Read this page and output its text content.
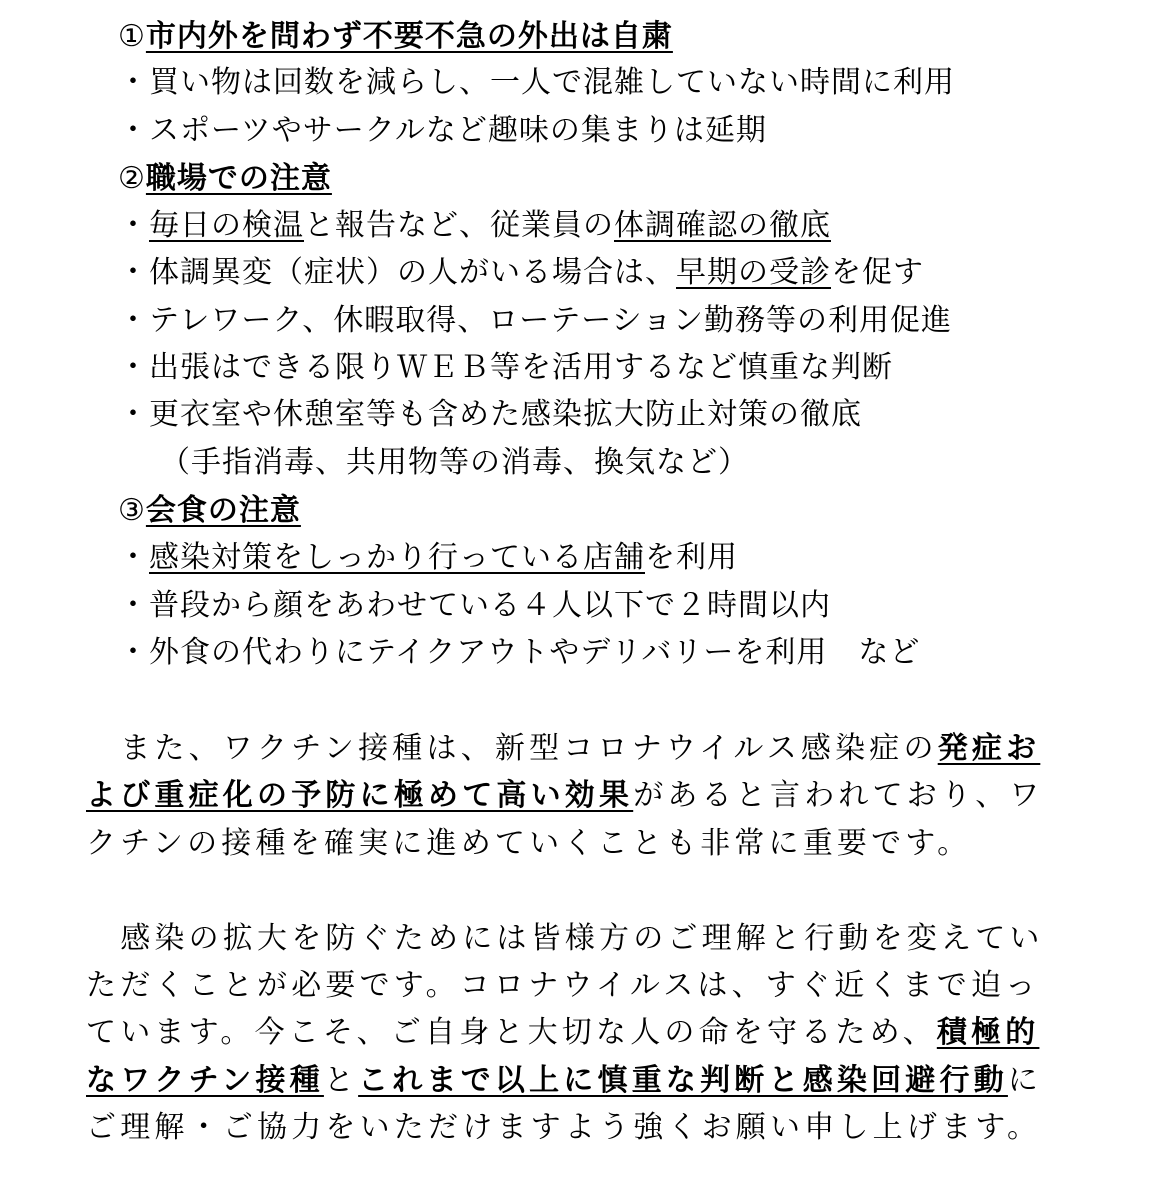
①市内外を問わず不要不急の外出は自粛
・買い物は回数を減らし、一人で混雑していない時間に利用
・スポーツやサークルなど趣味の集まりは延期
②職場での注意
・毎日の検温と報告など、従業員の体調確認の徹底
・体調異変（症状）の人がいる場合は、早期の受診を促す
・テレワーク、休暇取得、ローテーション勤務等の利用促進
・出張はできる限りＷＥＢ等を活用するなど慎重な判断
・更衣室や休憩室等も含めた感染拡大防止対策の徹底
（手指消毒、共用物等の消毒、換気など）
③会食の注意
・感染対策をしっかり行っている店舗を利用
・普段から顔をあわせている４人以下で２時間以内
・外食の代わりにテイクアウトやデリバリーを利用　など
　また、ワクチン接種は、新型コロナウイルス感染症の発症お
よび重症化の予防に極めて高い効果があると言われており、ワ
クチンの接種を確実に進めていくことも非常に重要です。
　感染の拡大を防ぐためには皆様方のご理解と行動を変えてい
ただくことが必要です。コロナウイルスは、すぐ近くまで迫っ
ています。今こそ、ご自身と大切な人の命を守るため、積極的
なワクチン接種とこれまで以上に慎重な判断と感染回避行動に
ご理解・ご協力をいただけますよう強くお願い申し上げます。
